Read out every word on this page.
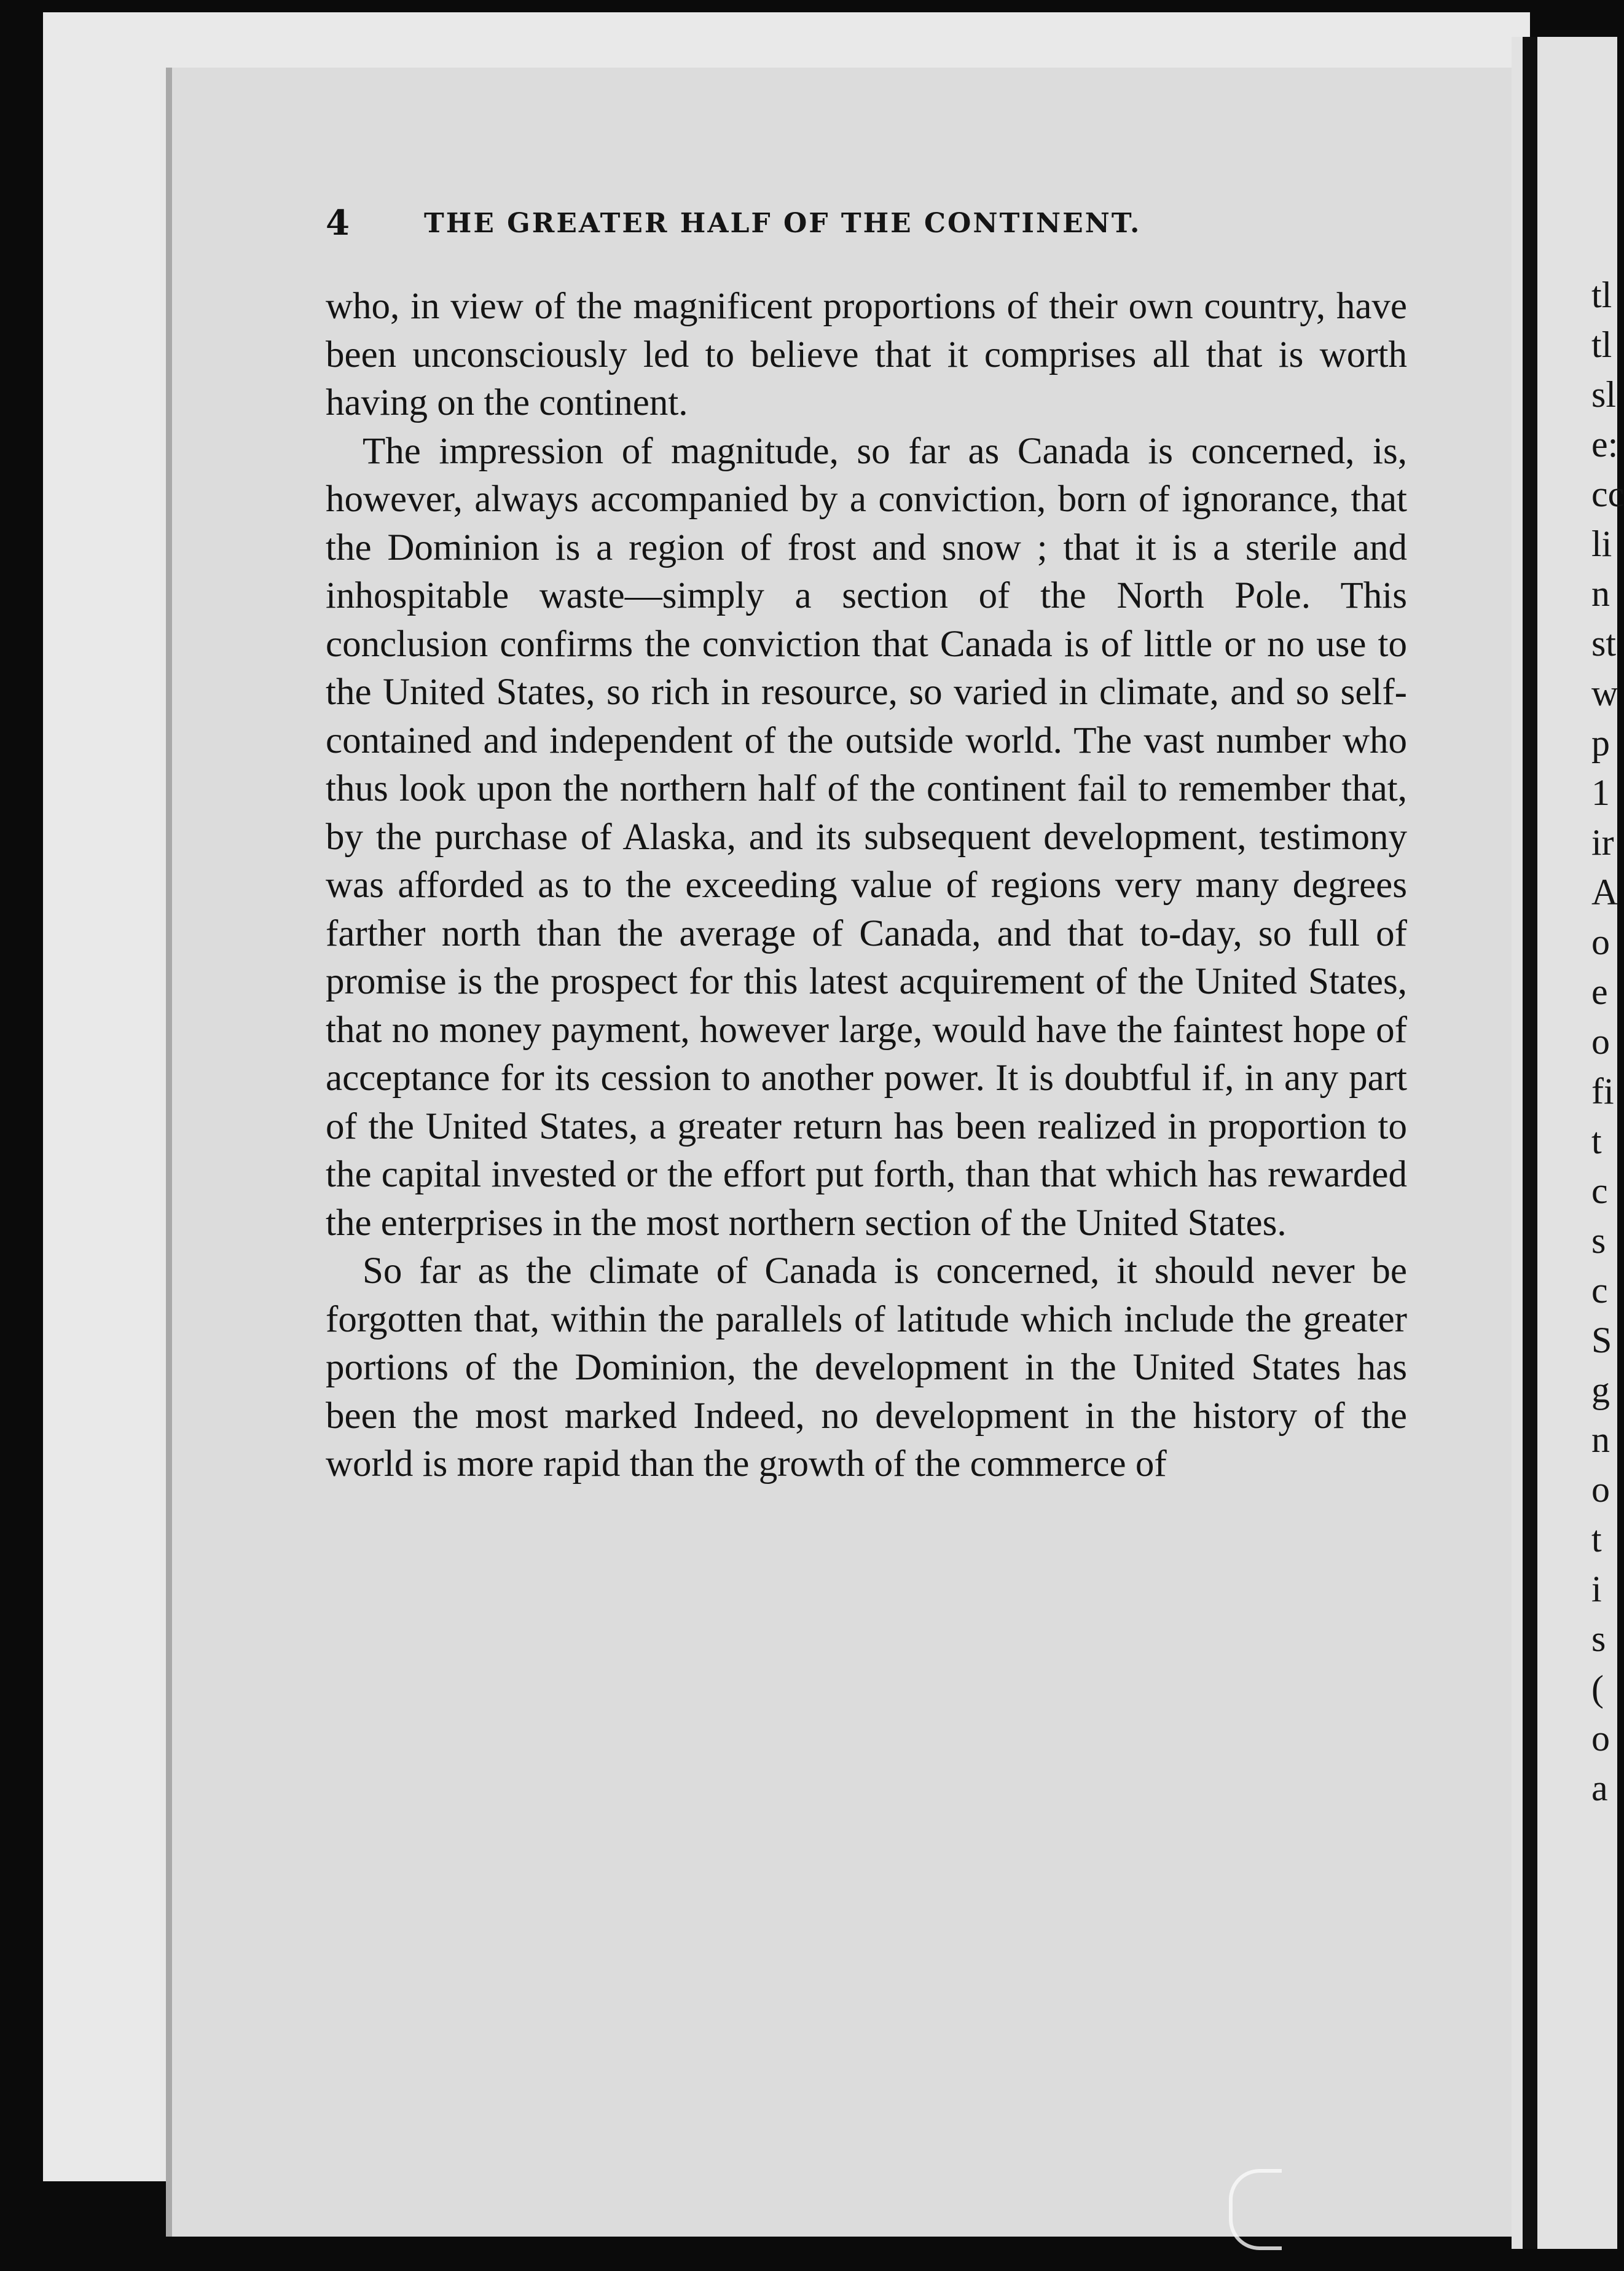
4	THE GREATER HALF OF THE CONTINENT.

who, in view of the magnificent proportions of their own country, have been unconsciously led to believe that it comprises all that is worth having on the continent.

The impression of magnitude, so far as Canada is concerned, is, however, always accompanied by a conviction, born of ignorance, that the Dominion is a region of frost and snow ; that it is a sterile and inhospitable waste—simply a section of the North Pole. This conclusion confirms the conviction that Canada is of little or no use to the United States, so rich in resource, so varied in climate, and so self-contained and independent of the outside world. The vast number who thus look upon the northern half of the continent fail to remember that, by the purchase of Alaska, and its subsequent development, testimony was afforded as to the exceeding value of regions very many degrees farther north than the average of Canada, and that to-day, so full of promise is the prospect for this latest acquirement of the United States, that no money payment, however large, would have the faintest hope of acceptance for its cession to another power. It is doubtful if, in any part of the United States, a greater return has been realized in proportion to the capital invested or the effort put forth, than that which has rewarded the enterprises in the most northern section of the United States.

So far as the climate of Canada is concerned, it should never be forgotten that, within the parallels of latitude which include the greater portions of the Dominion, the development in the United States has been the most marked Indeed, no development in the history of the world is more rapid than the growth of the commerce of

tl
tl
sl
e:
cc
li
n
st
w
p
1
ir
A
o
e
o
fi
t
c
s
c
S
g
n
o
t
i
s
(
o
a
